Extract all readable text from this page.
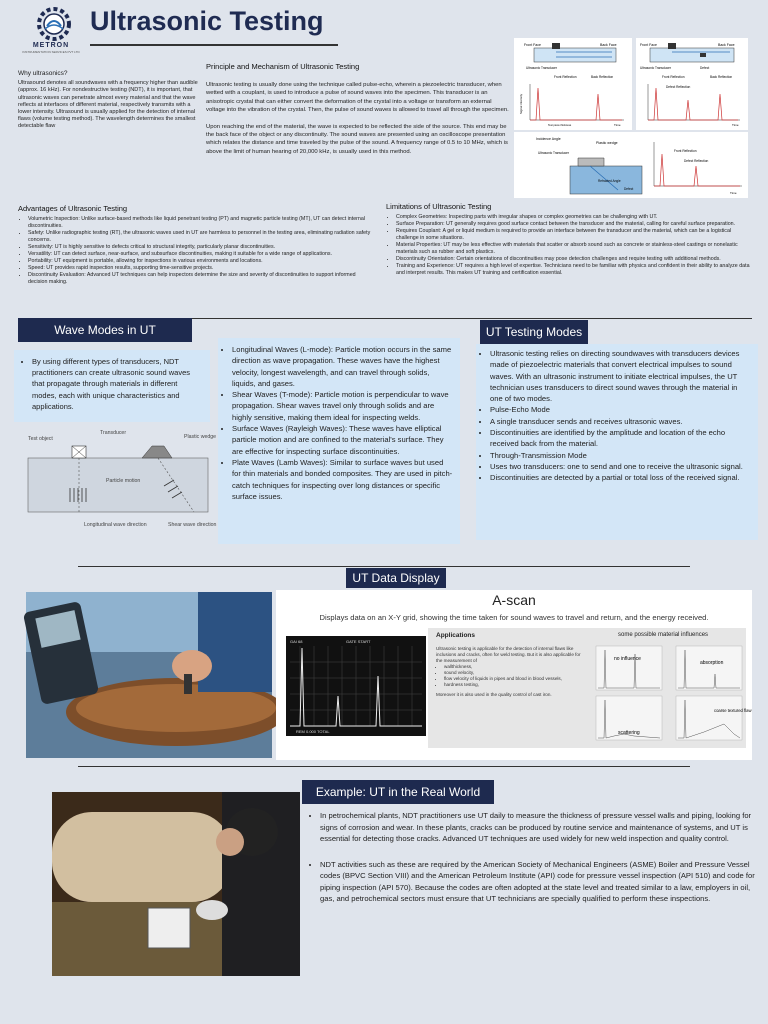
METRON
INSTRUMENTATION SERVICES PVT LTD
Ultrasonic Testing
Why ultrasonics?
Ultrasound denotes all soundwaves with a frequency higher than audible (approx. 16 kHz). For nondestructive testing (NDT), it is important, that ultrasonic waves can penetrate almost every material and that the wave reflects at interfaces of different material, respectively transmits with a lower intensity. Ultrasound is usually applied for the detection of internal flaws (volume testing method). The wavelength determines the smallest detectable flaw
Principle and Mechanism of Ultrasonic Testing
Ultrasonic testing is usually done using the technique called pulse-echo, wherein a piezoelectric transducer, when wetted with a couplant, is used to introduce a pulse of sound waves into the specimen. This transducer is an anisotropic crystal that can either convert the deformation of the crystal into a voltage or transform an external voltage into the vibration of the crystal. Then, the pulse of sound waves is allowed to travel all through the specimen.
Upon reaching the end of the material, the wave is expected to be reflected the side of the source. This end may be the back face of the object or any discontinuity. The sound waves are presented using an oscilloscope presentation which relates the distance and time traveled by the pulse of the sound. A frequency range of 0.5 to 10 MHz, which is above the limit of human hearing of 20,000 kHz, is usually used in this method.
Front Face	Back Face
Ultrasonic Transducer
Front Reflection	Back Reflection
Signal intensity
Time
Test piece thickness
Front Face	Back Face
Ultrasonic Transducer	Defect
Front Reflection	Back Reflection
Defect Reflection
Time
Incidence Angle
Plastic wedge
Ultrasonic Transducer
Refracted Angle
Defect
Front Reflection
Defect Reflection
Time
Advantages of Ultrasonic Testing
• Volumetric Inspection: Unlike surface-based methods like liquid penetrant testing (PT) and magnetic particle testing (MT), UT can detect internal discontinuities.
• Safety: Unlike radiographic testing (RT), the ultrasonic waves used in UT are harmless to personnel in the testing area, eliminating radiation safety concerns.
• Sensitivity: UT is highly sensitive to defects critical to structural integrity, particularly planar discontinuities.
• Versatility: UT can detect surface, near-surface, and subsurface discontinuities, making it suitable for a wide range of applications.
• Portability: UT equipment is portable, allowing for inspections in various environments and locations.
• Speed: UT provides rapid inspection results, supporting time-sensitive projects.
• Discontinuity Evaluation: Advanced UT techniques can help inspectors determine the size and severity of discontinuities to support informed decision making.
Limitations of Ultrasonic Testing
• Complex Geometries: Inspecting parts with irregular shapes or complex geometries can be challenging with UT.
• Surface Preparation: UT generally requires good surface contact between the transducer and the material, calling for careful surface preparation.
• Requires Couplant: A gel or liquid medium is required to provide an interface between the transducer and the material, which can be a logistical challenge in some situations.
• Material Properties: UT may be less effective with materials that scatter or absorb sound such as concrete or stainless-steel castings or nonelastic materials such as rubber and soft plastics.
• Discontinuity Orientation: Certain orientations of discontinuities may pose detection challenges and require testing with additional methods.
• Training and Experience: UT requires a high level of expertise. Technicians need to be familiar with physics and confident in their ability to analyze data and interpret results. This makes UT training and certification essential.
Wave Modes in UT
• By using different types of transducers, NDT practitioners can create ultrasonic sound waves that propagate through materials in different modes, each with unique characteristics and applications.
Test object
Transducer
Plastic wedge
Particle motion
Longitudinal wave direction	Shear wave direction
• Longitudinal Waves (L-mode): Particle motion occurs in the same direction as wave propagation. These waves have the highest velocity, longest wavelength, and can travel through solids, liquids, and gases.
• Shear Waves (T-mode): Particle motion is perpendicular to wave propagation. Shear waves travel only through solids and are highly sensitive, making them ideal for inspecting welds.
• Surface Waves (Rayleigh Waves): These waves have elliptical particle motion and are confined to the material's surface. They are effective for inspecting surface discontinuities.
• Plate Waves (Lamb Waves): Similar to surface waves but used for thin materials and bonded composites. They are used in pitch-catch techniques for inspecting over long distances or specific surface issues.
UT Testing Modes
• Ultrasonic testing relies on directing soundwaves with transducers devices made of piezoelectric materials that convert electrical impulses to sound waves. With an ultrasonic instrument to initiate electrical impulses, the UT technician uses transducers to direct sound waves through the material in one of two modes.
• Pulse-Echo Mode
• A single transducer sends and receives ultrasonic waves.
• Discontinuities are identified by the amplitude and location of the echo received back from the material.
• Through-Transmission Mode
• Uses two transducers: one to send and one to receive the ultrasonic signal.
• Discontinuities are detected by a partial or total loss of the received signal.
UT Data Display
A-scan
Displays data on an X-Y grid, showing the time taken for sound waves to travel and return, and the energy received.
GAI 68	GATE START
REM 0.000 TOTAL
Applications	some possible material influences
Ultrasonic testing is applicable for the detection of internal flaws like inclusions and cracks, often for weld testing. But it is also applicable for the measurement of
• wallthickness,
• sound velocity,
• flow velocity of liquids in pipes and blood in blood vessels,
• hardness testing,
Moreover it is also used in the quality control of cast iron.
no influence
absorption
scattering
coarse textured flaw
Example: UT in the Real World
• In petrochemical plants, NDT practitioners use UT daily to measure the thickness of pressure vessel walls and piping, looking for signs of corrosion and wear. In these plants, cracks can be produced by routine service and maintenance of systems, and UT is essential for detecting those cracks. Advanced UT techniques are used widely for new weld inspection and quality control.
• NDT activities such as these are required by the American Society of Mechanical Engineers (ASME) Boiler and Pressure Vessel codes (BPVC Section VIII) and the American Petroleum Institute (API) code for pressure vessel inspection (API 510) and code for piping inspection (API 570). Because the codes are often adopted at the state level and treated similar to a law, employers in oil, gas, and petrochemical sectors must ensure that UT technicians are specially qualified to perform these inspections.
